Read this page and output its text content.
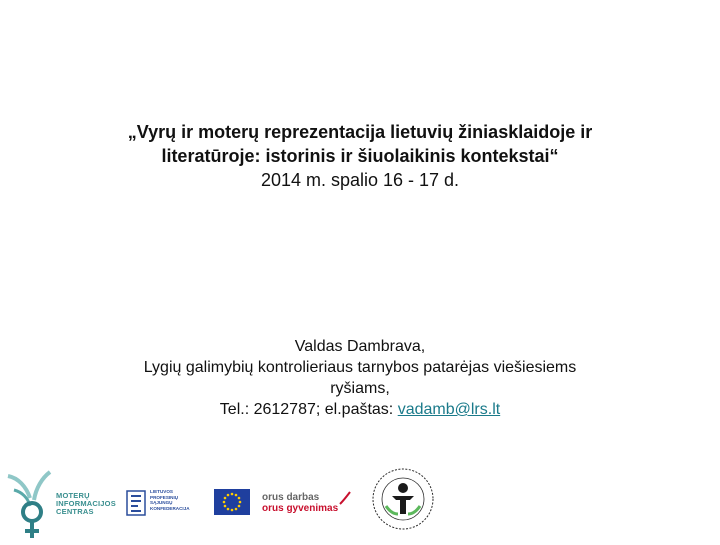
„Vyrų ir moterų reprezentacija lietuvių žiniasklaidoje ir
literatūroje: istorinis ir šiuolaikinis kontekstai“
2014 m. spalio 16 - 17 d.
Valdas Dambrava,
Lygių galimybių kontrolieriaus tarnybos patarėjas viešiesiems
ryšiams,
Tel.: 2612787; el.paštas: vadamb@lrs.lt
MOTERŲ
INFORMACIJOS
CENTRAS
LIETUVOS
PROFESINIŲ
SĄJUNGŲ
KONFEDERACIJA
orus darbas
orus gyvenimas
